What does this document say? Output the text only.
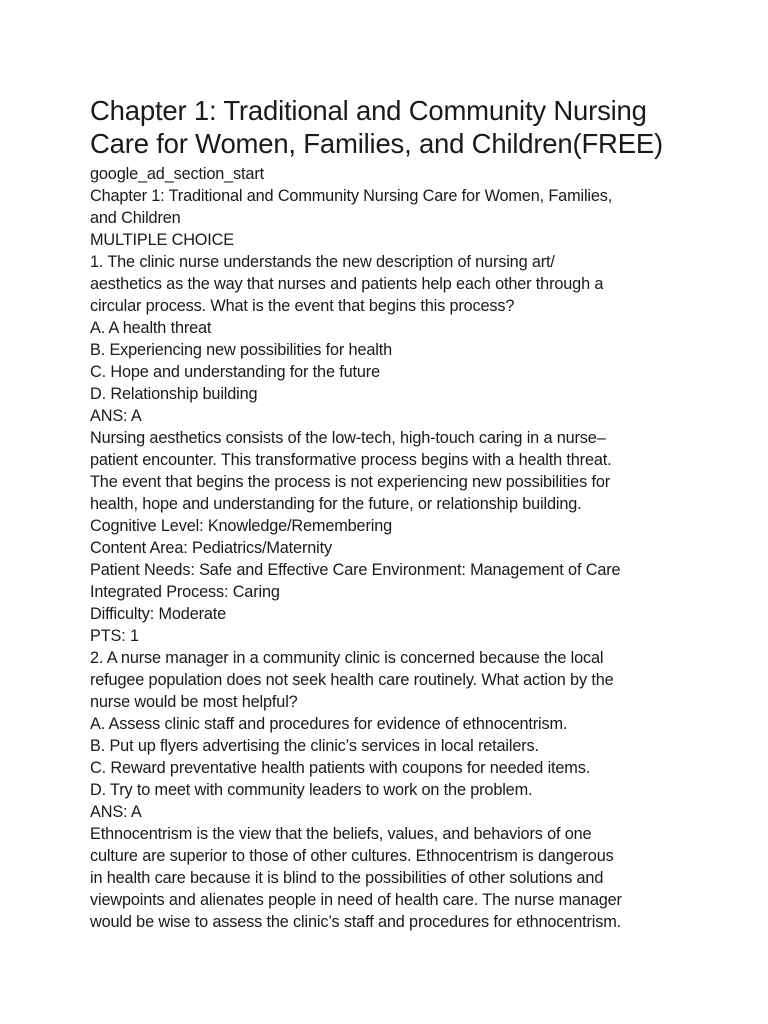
Chapter 1: Traditional and Community Nursing
Care for Women, Families, and Children(FREE)
google_ad_section_start
Chapter 1: Traditional and Community Nursing Care for Women, Families,
and Children
MULTIPLE CHOICE
1. The clinic nurse understands the new description of nursing art/
aesthetics as the way that nurses and patients help each other through a
circular process. What is the event that begins this process?
A. A health threat
B. Experiencing new possibilities for health
C. Hope and understanding for the future
D. Relationship building
ANS: A
Nursing aesthetics consists of the low-tech, high-touch caring in a nurse–
patient encounter. This transformative process begins with a health threat.
The event that begins the process is not experiencing new possibilities for
health, hope and understanding for the future, or relationship building.
Cognitive Level: Knowledge/Remembering
Content Area: Pediatrics/Maternity
Patient Needs: Safe and Effective Care Environment: Management of Care
Integrated Process: Caring
Difficulty: Moderate
PTS: 1
2. A nurse manager in a community clinic is concerned because the local
refugee population does not seek health care routinely. What action by the
nurse would be most helpful?
A. Assess clinic staff and procedures for evidence of ethnocentrism.
B. Put up flyers advertising the clinic’s services in local retailers.
C. Reward preventative health patients with coupons for needed items.
D. Try to meet with community leaders to work on the problem.
ANS: A
Ethnocentrism is the view that the beliefs, values, and behaviors of one
culture are superior to those of other cultures. Ethnocentrism is dangerous
in health care because it is blind to the possibilities of other solutions and
viewpoints and alienates people in need of health care. The nurse manager
would be wise to assess the clinic’s staff and procedures for ethnocentrism.
